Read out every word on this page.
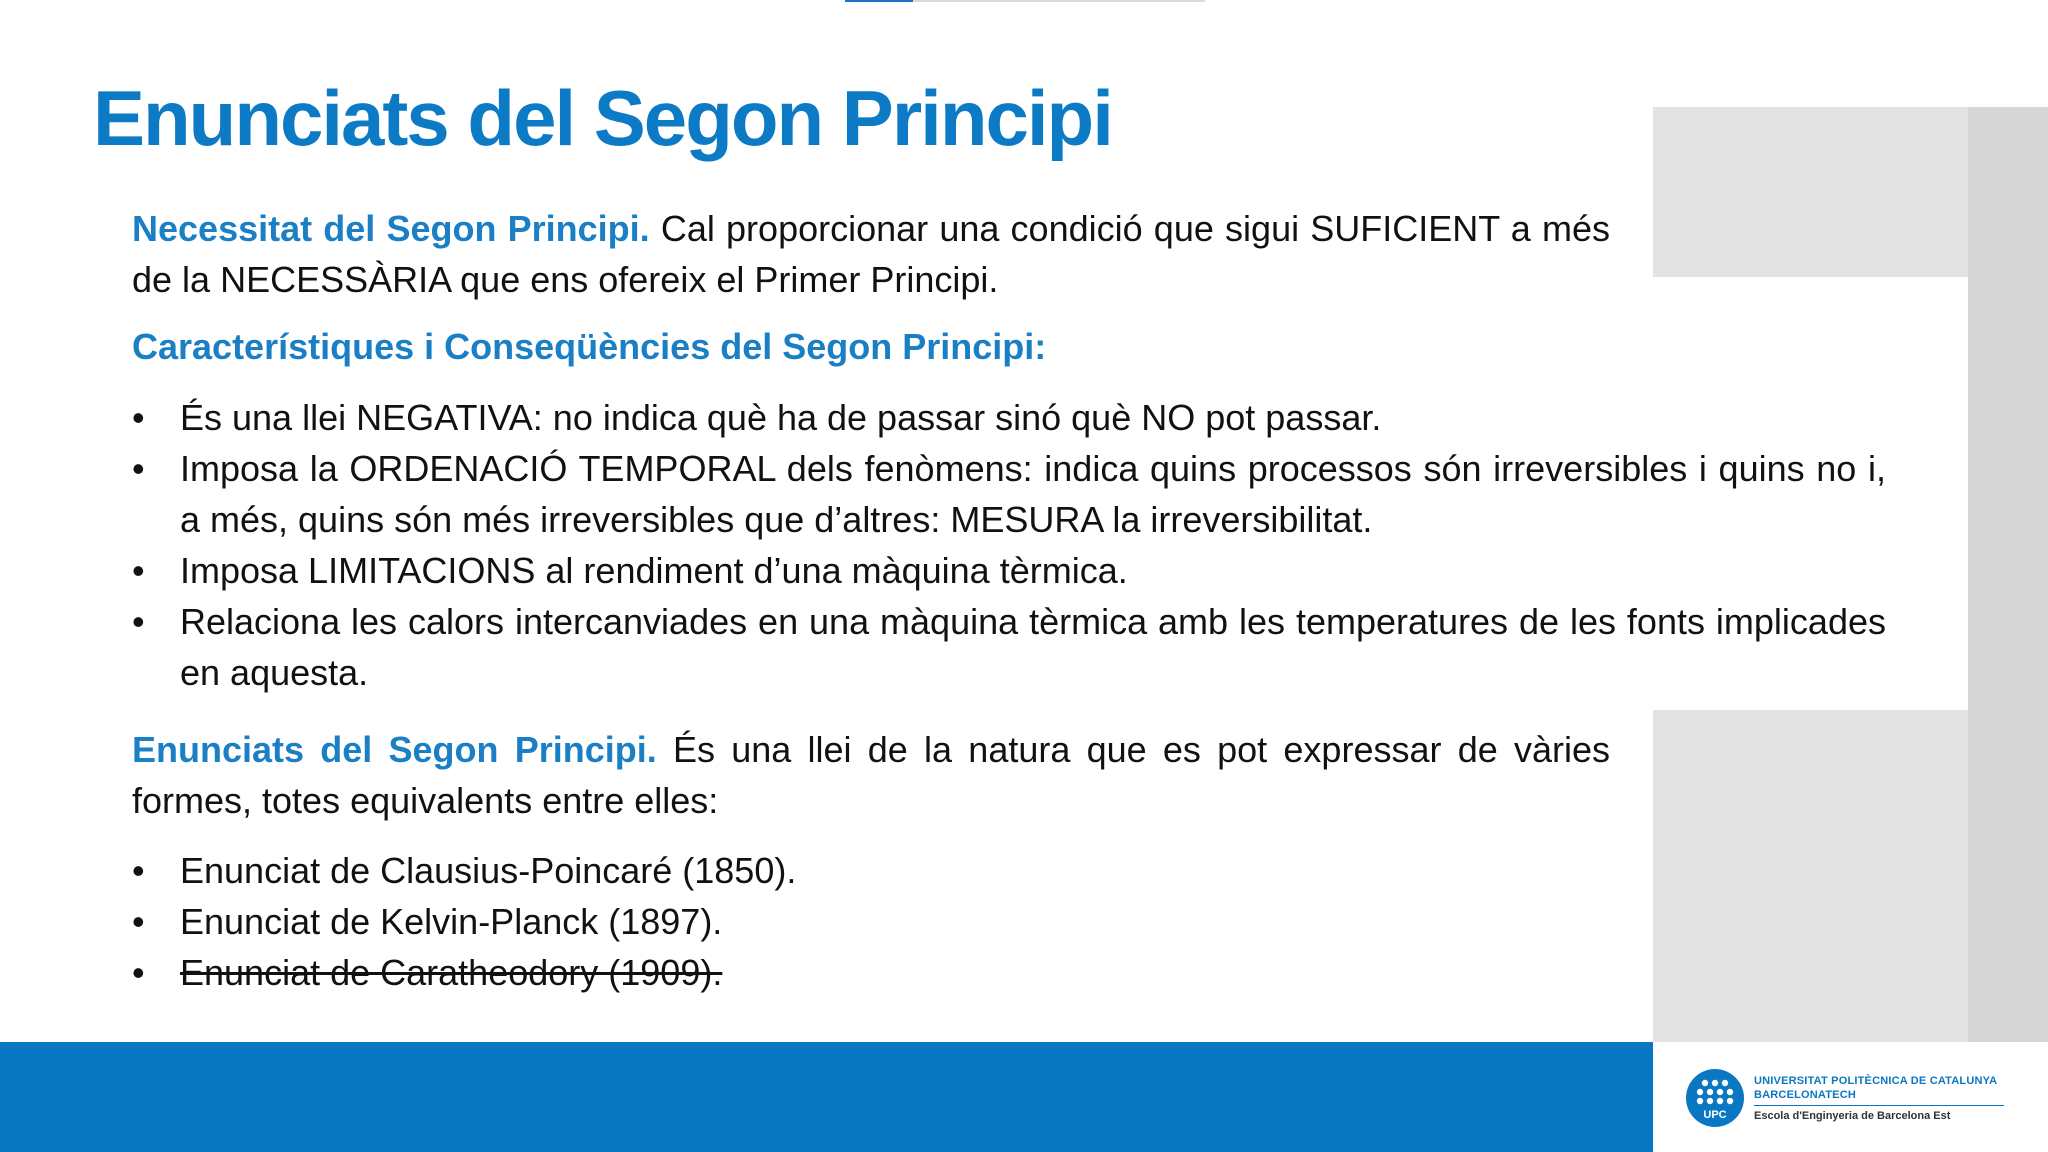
Enunciats del Segon Principi

Necessitat del Segon Principi. Cal proporcionar una condició que sigui SUFICIENT a més de la NECESSÀRIA que ens ofereix el Primer Principi.

Característiques i Conseqüències del Segon Principi:

• És una llei NEGATIVA: no indica què ha de passar sinó què NO pot passar.
• Imposa la ORDENACIÓ TEMPORAL dels fenòmens: indica quins processos són irreversibles i quins no i, a més, quins són més irreversibles que d’altres: MESURA la irreversibilitat.
• Imposa LIMITACIONS al rendiment d’una màquina tèrmica.
• Relaciona les calors intercanviades en una màquina tèrmica amb les temperatures de les fonts implicades en aquesta.

Enunciats del Segon Principi. És una llei de la natura que es pot expressar de vàries formes, totes equivalents entre elles:

• Enunciat de Clausius-Poincaré (1850).
• Enunciat de Kelvin-Planck (1897).
• Enunciat de Caratheodory (1909).
UPC
UNIVERSITAT POLITÈCNICA DE CATALUNYA
BARCELONATECH
Escola d'Enginyeria de Barcelona Est
